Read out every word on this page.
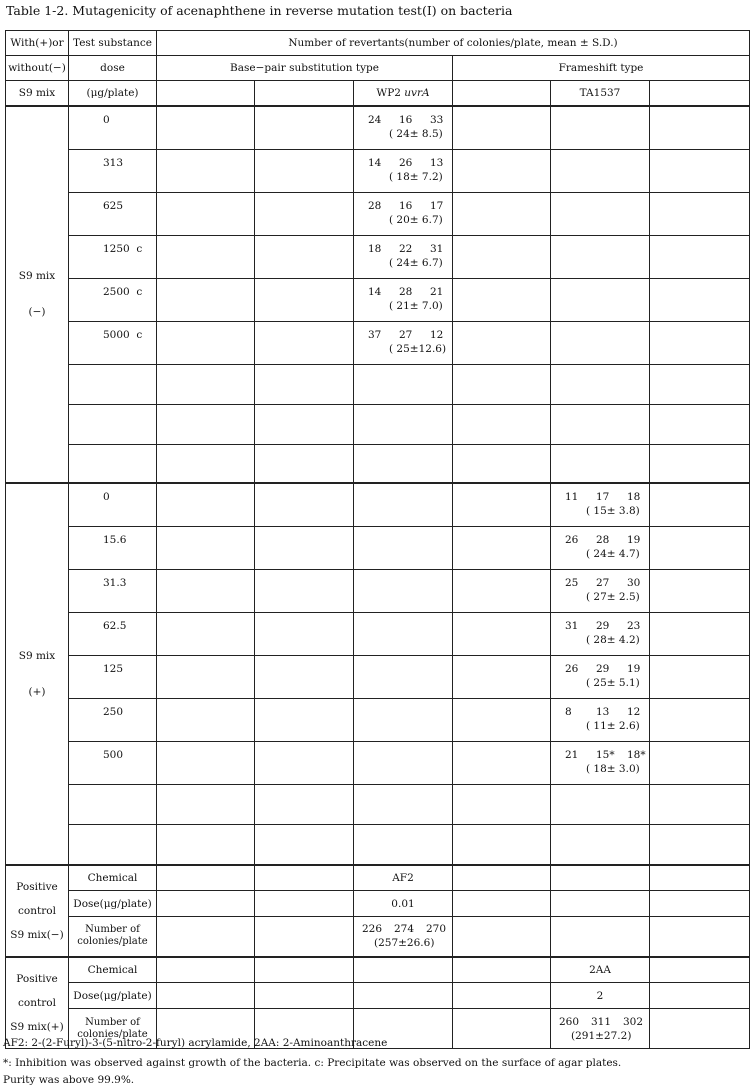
Table 1-2. Mutagenicity of acenaphthene in reverse mutation test(I) on bacteria
With(+)or	Test substance	Number of revertants(number of colonies/plate, mean ± S.D.)					
without(−)	dose	Base−pair substitution type			Frameshift type		
S9 mix	(μg/plate)			WP2 uvrA		TA1537	

S9 mix
(−)	0			24 16 33
( 24± 8.5)			

	313			14 26 13
( 18± 7.2)			

	625			28 16 17
( 20± 6.7)			

	1250  c			18 22 31
( 24± 6.7)			

	2500  c			14 28 21
( 21± 7.0)			

	5000  c			37 27 12
( 25±12.6)			

S9 mix
(+)	0					11 17 18
( 15± 3.8)	

	15.6					26 28 19
( 24± 4.7)	

	31.3					25 27 30
( 27± 2.5)	

	62.5					31 29 23
( 28± 4.2)	

	125					26 29 19
( 25± 5.1)	

	250					8 13 12
( 11± 2.6)	

	500					21 15* 18*
( 18± 3.0)	

Positive
control
S9 mix(−)	Chemical			AF2			
	Dose(μg/plate)			0.01			
	Number of
colonies/plate			226 274 270
(257±26.6)			

Positive
control
S9 mix(+)	Chemical					2AA	
	Dose(μg/plate)					2	
	Number of
colonies/plate					260 311 302
(291±27.2)	

AF2: 2-(2-Furyl)-3-(5-nitro-2-furyl) acrylamide, 2AA: 2-Aminoanthracene
*: Inhibition was observed against growth of the bacteria. c: Precipitate was observed on the surface of agar plates.
Purity was above 99.9%.
